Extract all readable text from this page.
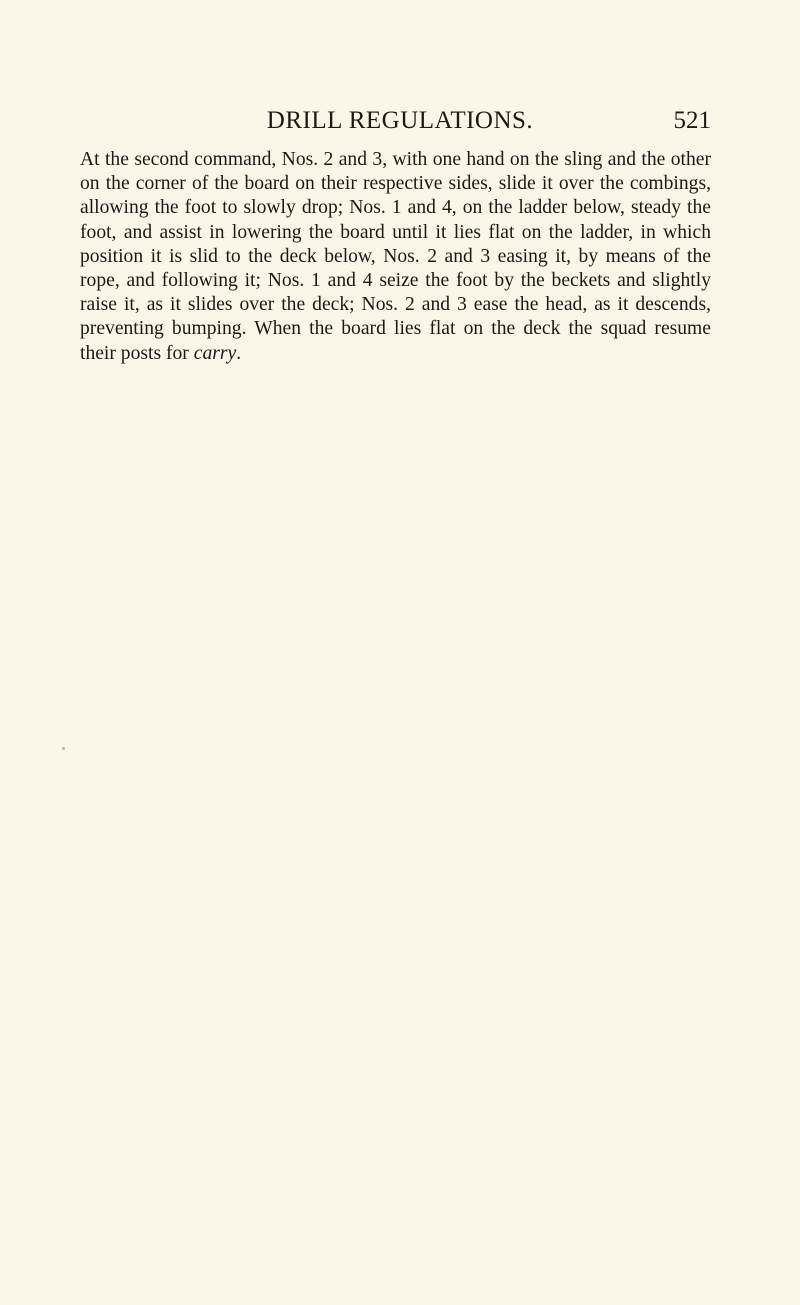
DRILL REGULATIONS.	521

At the second command, Nos. 2 and 3, with one hand on the sling and the other on the corner of the board on their respective sides, slide it over the combings, allowing the foot to slowly drop; Nos. 1 and 4, on the ladder below, steady the foot, and assist in lowering the board until it lies flat on the ladder, in which position it is slid to the deck below, Nos. 2 and 3 easing it, by means of the rope, and following it; Nos. 1 and 4 seize the foot by the beckets and slightly raise it, as it slides over the deck; Nos. 2 and 3 ease the head, as it descends, preventing bumping. When the board lies flat on the deck the squad resume their posts for carry.
